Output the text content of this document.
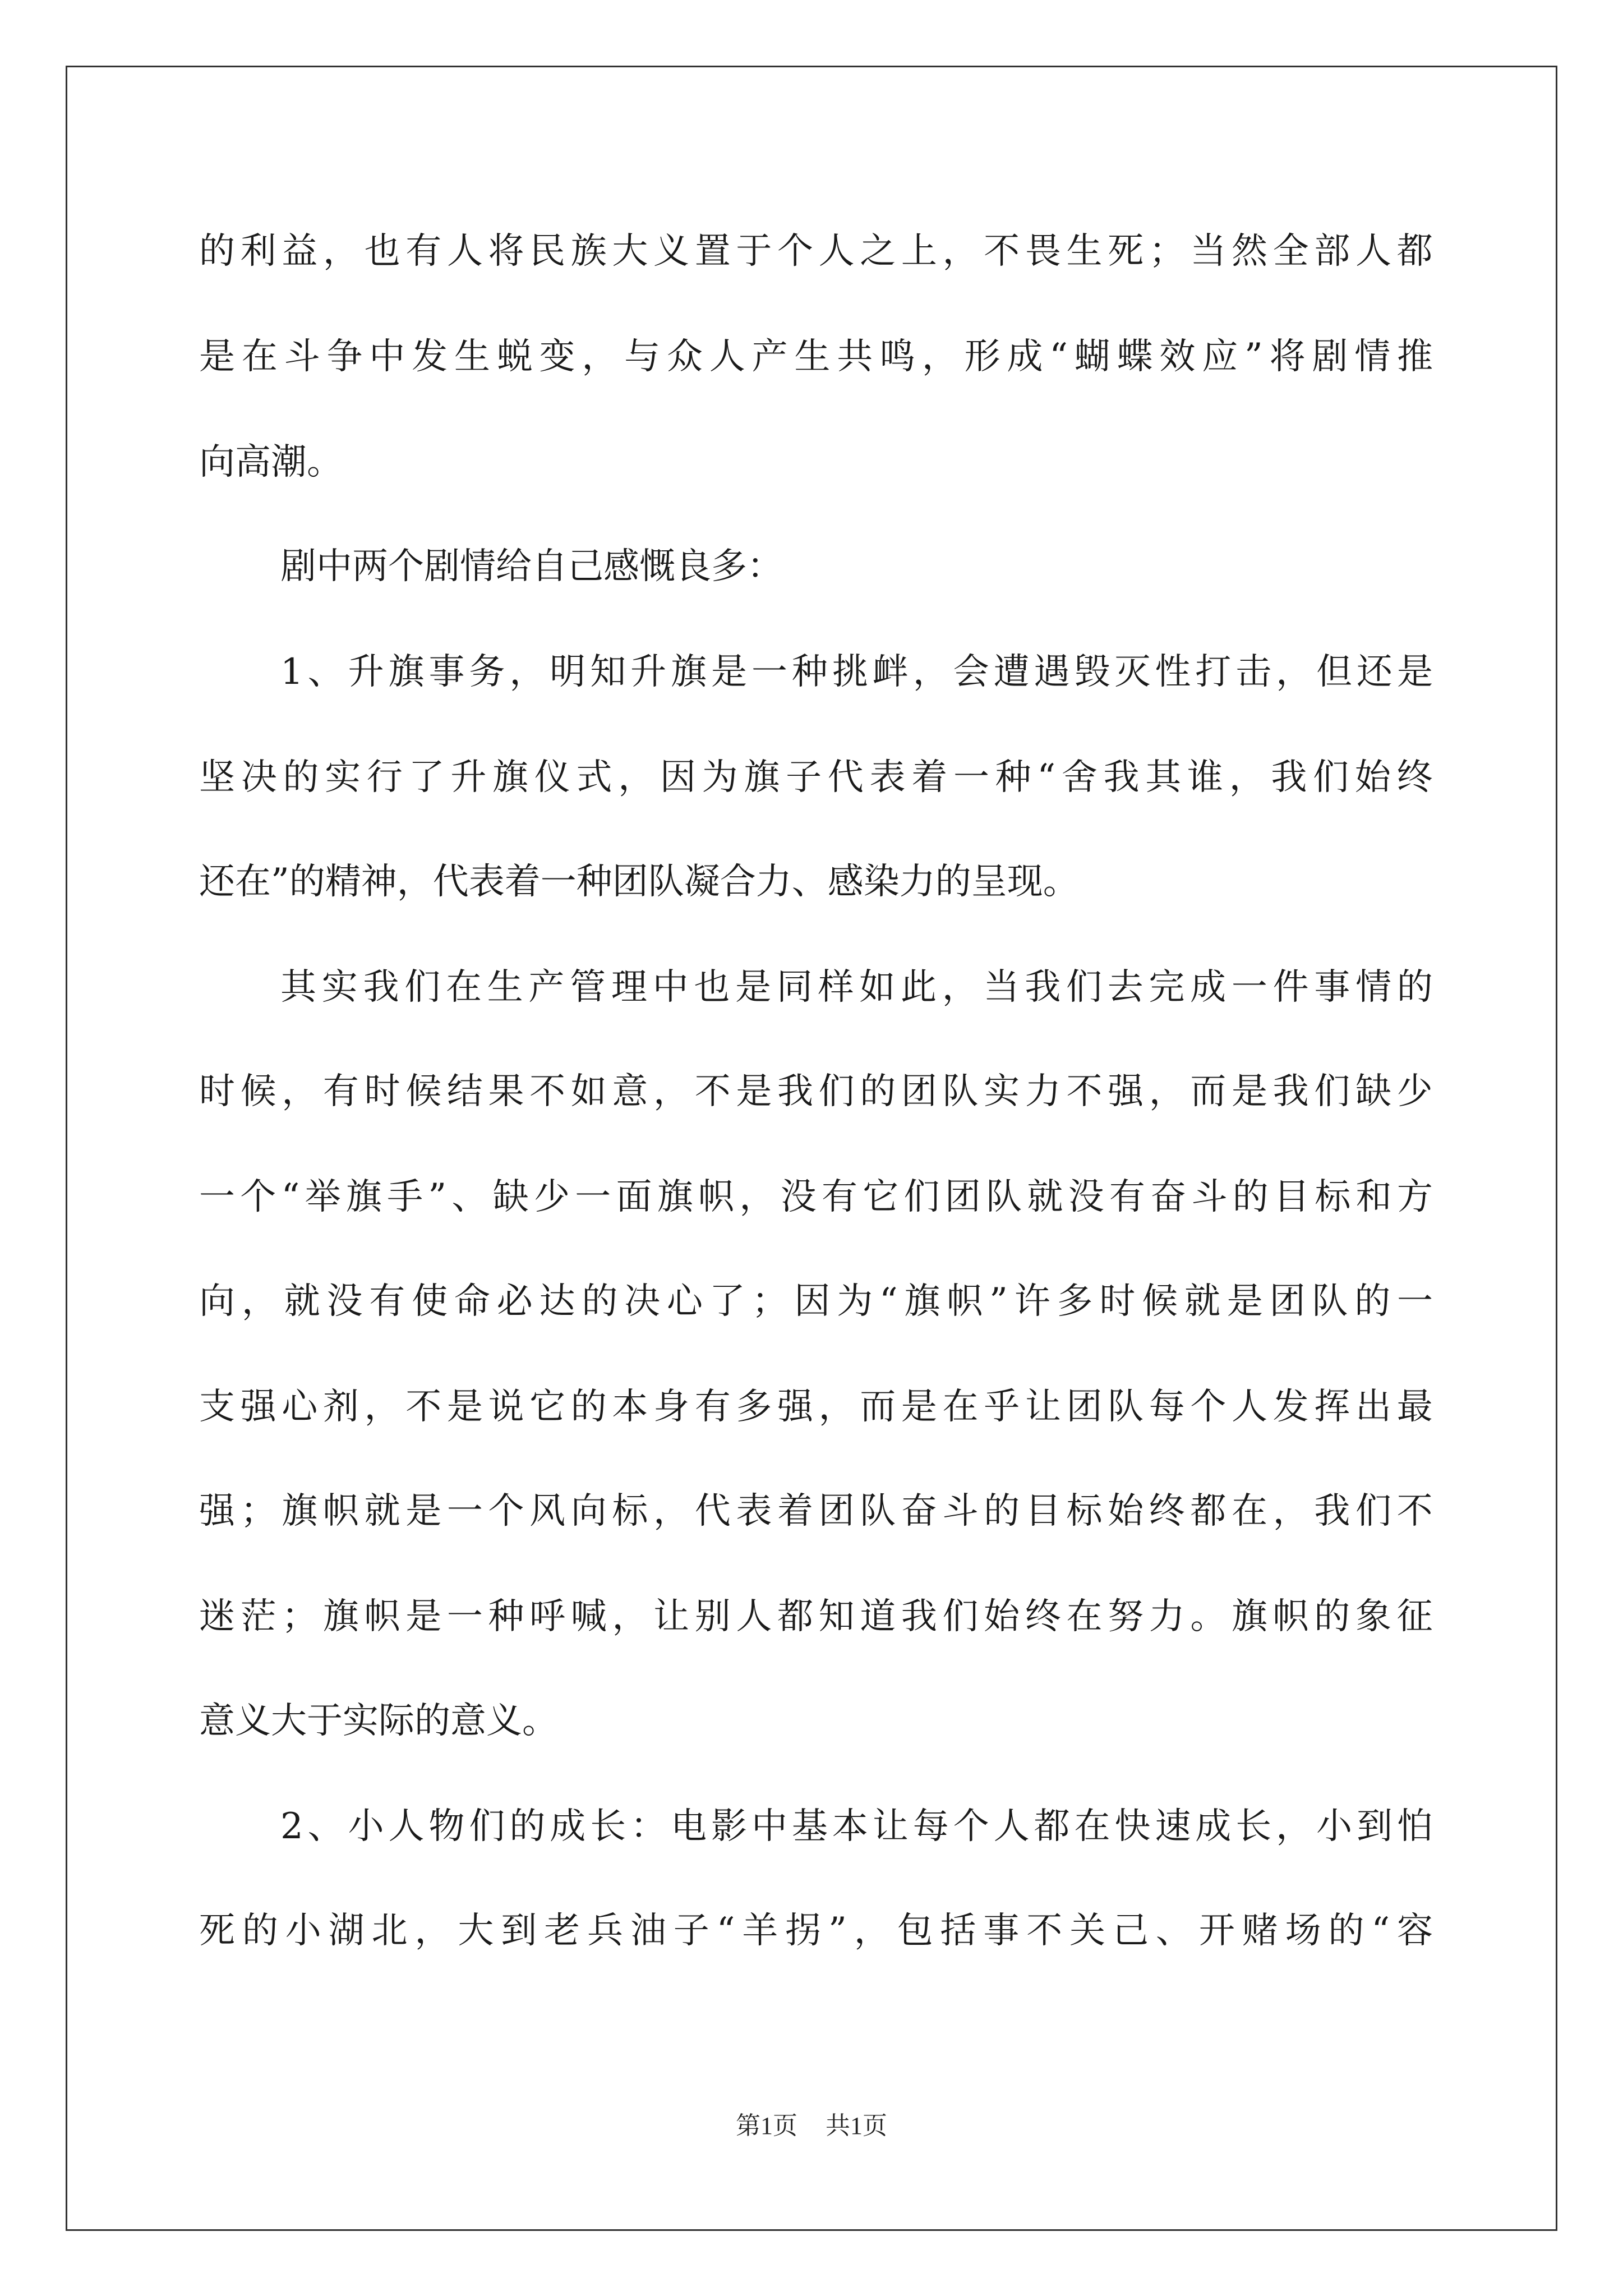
的 利 益 ， 也 有 人 将 民 族 大 义 置 于 个 人 之 上 ， 不 畏 生 死 ； 当 然 全 部 人 都
是 在 斗 争 中 发 生 蜕 变 ， 与 众 人 产 生 共 鸣 ， 形 成 “ 蝴 蝶 效 应 ” 将 剧 情 推
向高潮。
剧中两个剧情给自己感慨良多：
1 、 升 旗 事 务 ， 明 知 升 旗 是 一 种 挑 衅 ， 会 遭 遇 毁 灭 性 打 击 ， 但 还 是
坚 决 的 实 行 了 升 旗 仪 式 ， 因 为 旗 子 代 表 着 一 种 “ 舍 我 其 谁 ， 我 们 始 终
还在”的精神，代表着一种团队凝合力、感染力的呈现。
其 实 我 们 在 生 产 管 理 中 也 是 同 样 如 此 ， 当 我 们 去 完 成 一 件 事 情 的
时 候 ， 有 时 候 结 果 不 如 意 ， 不 是 我 们 的 团 队 实 力 不 强 ， 而 是 我 们 缺 少
一 个 “ 举 旗 手 ” 、 缺 少 一 面 旗 帜 ， 没 有 它 们 团 队 就 没 有 奋 斗 的 目 标 和 方
向 ， 就 没 有 使 命 必 达 的 决 心 了 ； 因 为 “ 旗 帜 ” 许 多 时 候 就 是 团 队 的 一
支 强 心 剂 ， 不 是 说 它 的 本 身 有 多 强 ， 而 是 在 乎 让 团 队 每 个 人 发 挥 出 最
强 ； 旗 帜 就 是 一 个 风 向 标 ， 代 表 着 团 队 奋 斗 的 目 标 始 终 都 在 ， 我 们 不
迷 茫 ； 旗 帜 是 一 种 呼 喊 ， 让 别 人 都 知 道 我 们 始 终 在 努 力 。 旗 帜 的 象 征
意义大于实际的意义。
2 、 小 人 物 们 的 成 长 ： 电 影 中 基 本 让 每 个 人 都 在 快 速 成 长 ， 小 到 怕
死 的 小 湖 北 ， 大 到 老 兵 油 子 “ 羊 拐 ” ， 包 括 事 不 关 己 、 开 赌 场 的 “ 容
第1页 共1页
